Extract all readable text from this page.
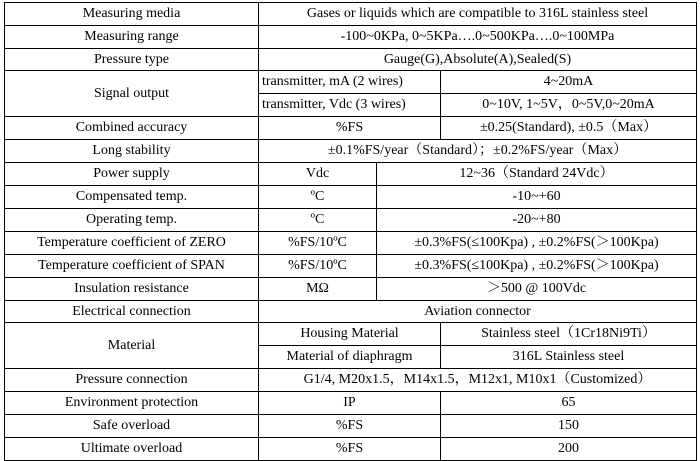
Measuring media	Gases or liquids which are compatible to 316L stainless steel		
Measuring range	-100~0KPa, 0~5KPa….0~500KPa….0~100MPa		
Pressure type	Gauge(G),Absolute(A),Sealed(S)		
Signal output	transmitter, mA (2 wires)		4~20mA
	transmitter, Vdc (3 wires)		0~10V, 1~5V，0~5V,0~20mA
Combined accuracy	%FS		±0.25(Standard), ±0.5（Max）
Long stability	±0.1%FS/year（Standard）；±0.2%FS/year（Max）		
Power supply	Vdc	12~36（Standard 24Vdc）	
Compensated temp.	ºC	-10~+60	
Operating temp.	ºC	-20~+80	
Temperature coefficient of ZERO	%FS/10ºC	±0.3%FS(≤100Kpa) , ±0.2%FS(＞100Kpa)	
Temperature coefficient of SPAN	%FS/10ºC	±0.3%FS(≤100Kpa) , ±0.2%FS(＞100Kpa)	
Insulation resistance	MΩ	＞500 @ 100Vdc	
Electrical connection	Aviation connector		
Material	Housing Material		Stainless steel（1Cr18Ni9Ti）
	Material of diaphragm		316L Stainless steel
Pressure connection	G1/4, M20x1.5，M14x1.5，M12x1, M10x1（Customized）		
Environment protection	IP		65
Safe overload	%FS		150
Ultimate overload	%FS		200
